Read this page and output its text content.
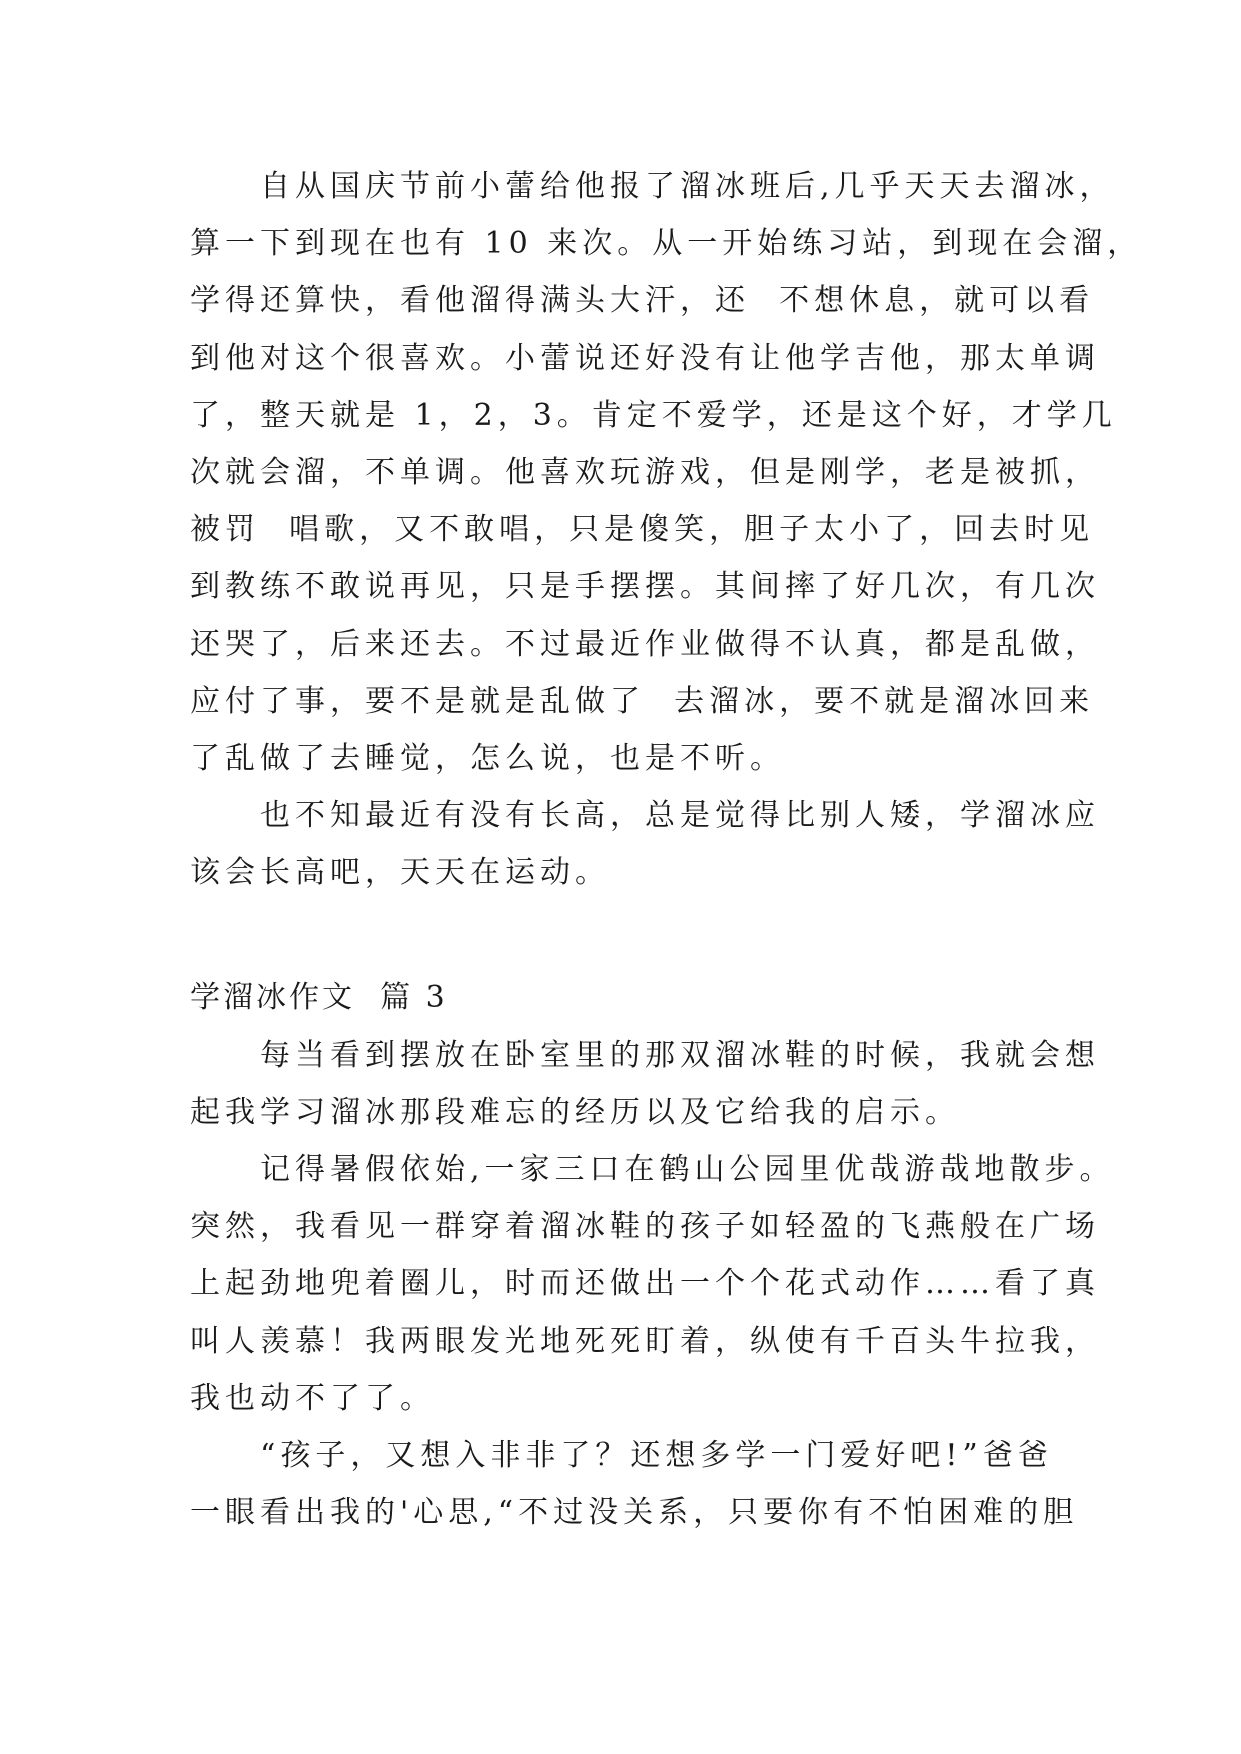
自从国庆节前小蕾给他报了溜冰班后,几乎天天去溜冰，
算一下到现在也有 10 来次。从一开始练习站，到现在会溜，
学得还算快，看他溜得满头大汗，还  不想休息，就可以看
到他对这个很喜欢。小蕾说还好没有让他学吉他，那太单调
了，整天就是 1，2，3。肯定不爱学，还是这个好，才学几
次就会溜，不单调。他喜欢玩游戏，但是刚学，老是被抓，
被罚  唱歌，又不敢唱，只是傻笑，胆子太小了，回去时见
到教练不敢说再见，只是手摆摆。其间摔了好几次，有几次
还哭了，后来还去。不过最近作业做得不认真，都是乱做，
应付了事，要不是就是乱做了  去溜冰，要不就是溜冰回来
了乱做了去睡觉，怎么说，也是不听。
也不知最近有没有长高，总是觉得比别人矮，学溜冰应
该会长高吧，天天在运动。
学溜冰作文  篇 3
每当看到摆放在卧室里的那双溜冰鞋的时候，我就会想
起我学习溜冰那段难忘的经历以及它给我的启示。
记得暑假依始,一家三口在鹤山公园里优哉游哉地散步。
突然，我看见一群穿着溜冰鞋的孩子如轻盈的飞燕般在广场
上起劲地兜着圈儿，时而还做出一个个花式动作……看了真
叫人羡慕！我两眼发光地死死盯着，纵使有千百头牛拉我，
我也动不了了。
“孩子，又想入非非了？还想多学一门爱好吧!”爸爸
一眼看出我的'心思,“不过没关系，只要你有不怕困难的胆
